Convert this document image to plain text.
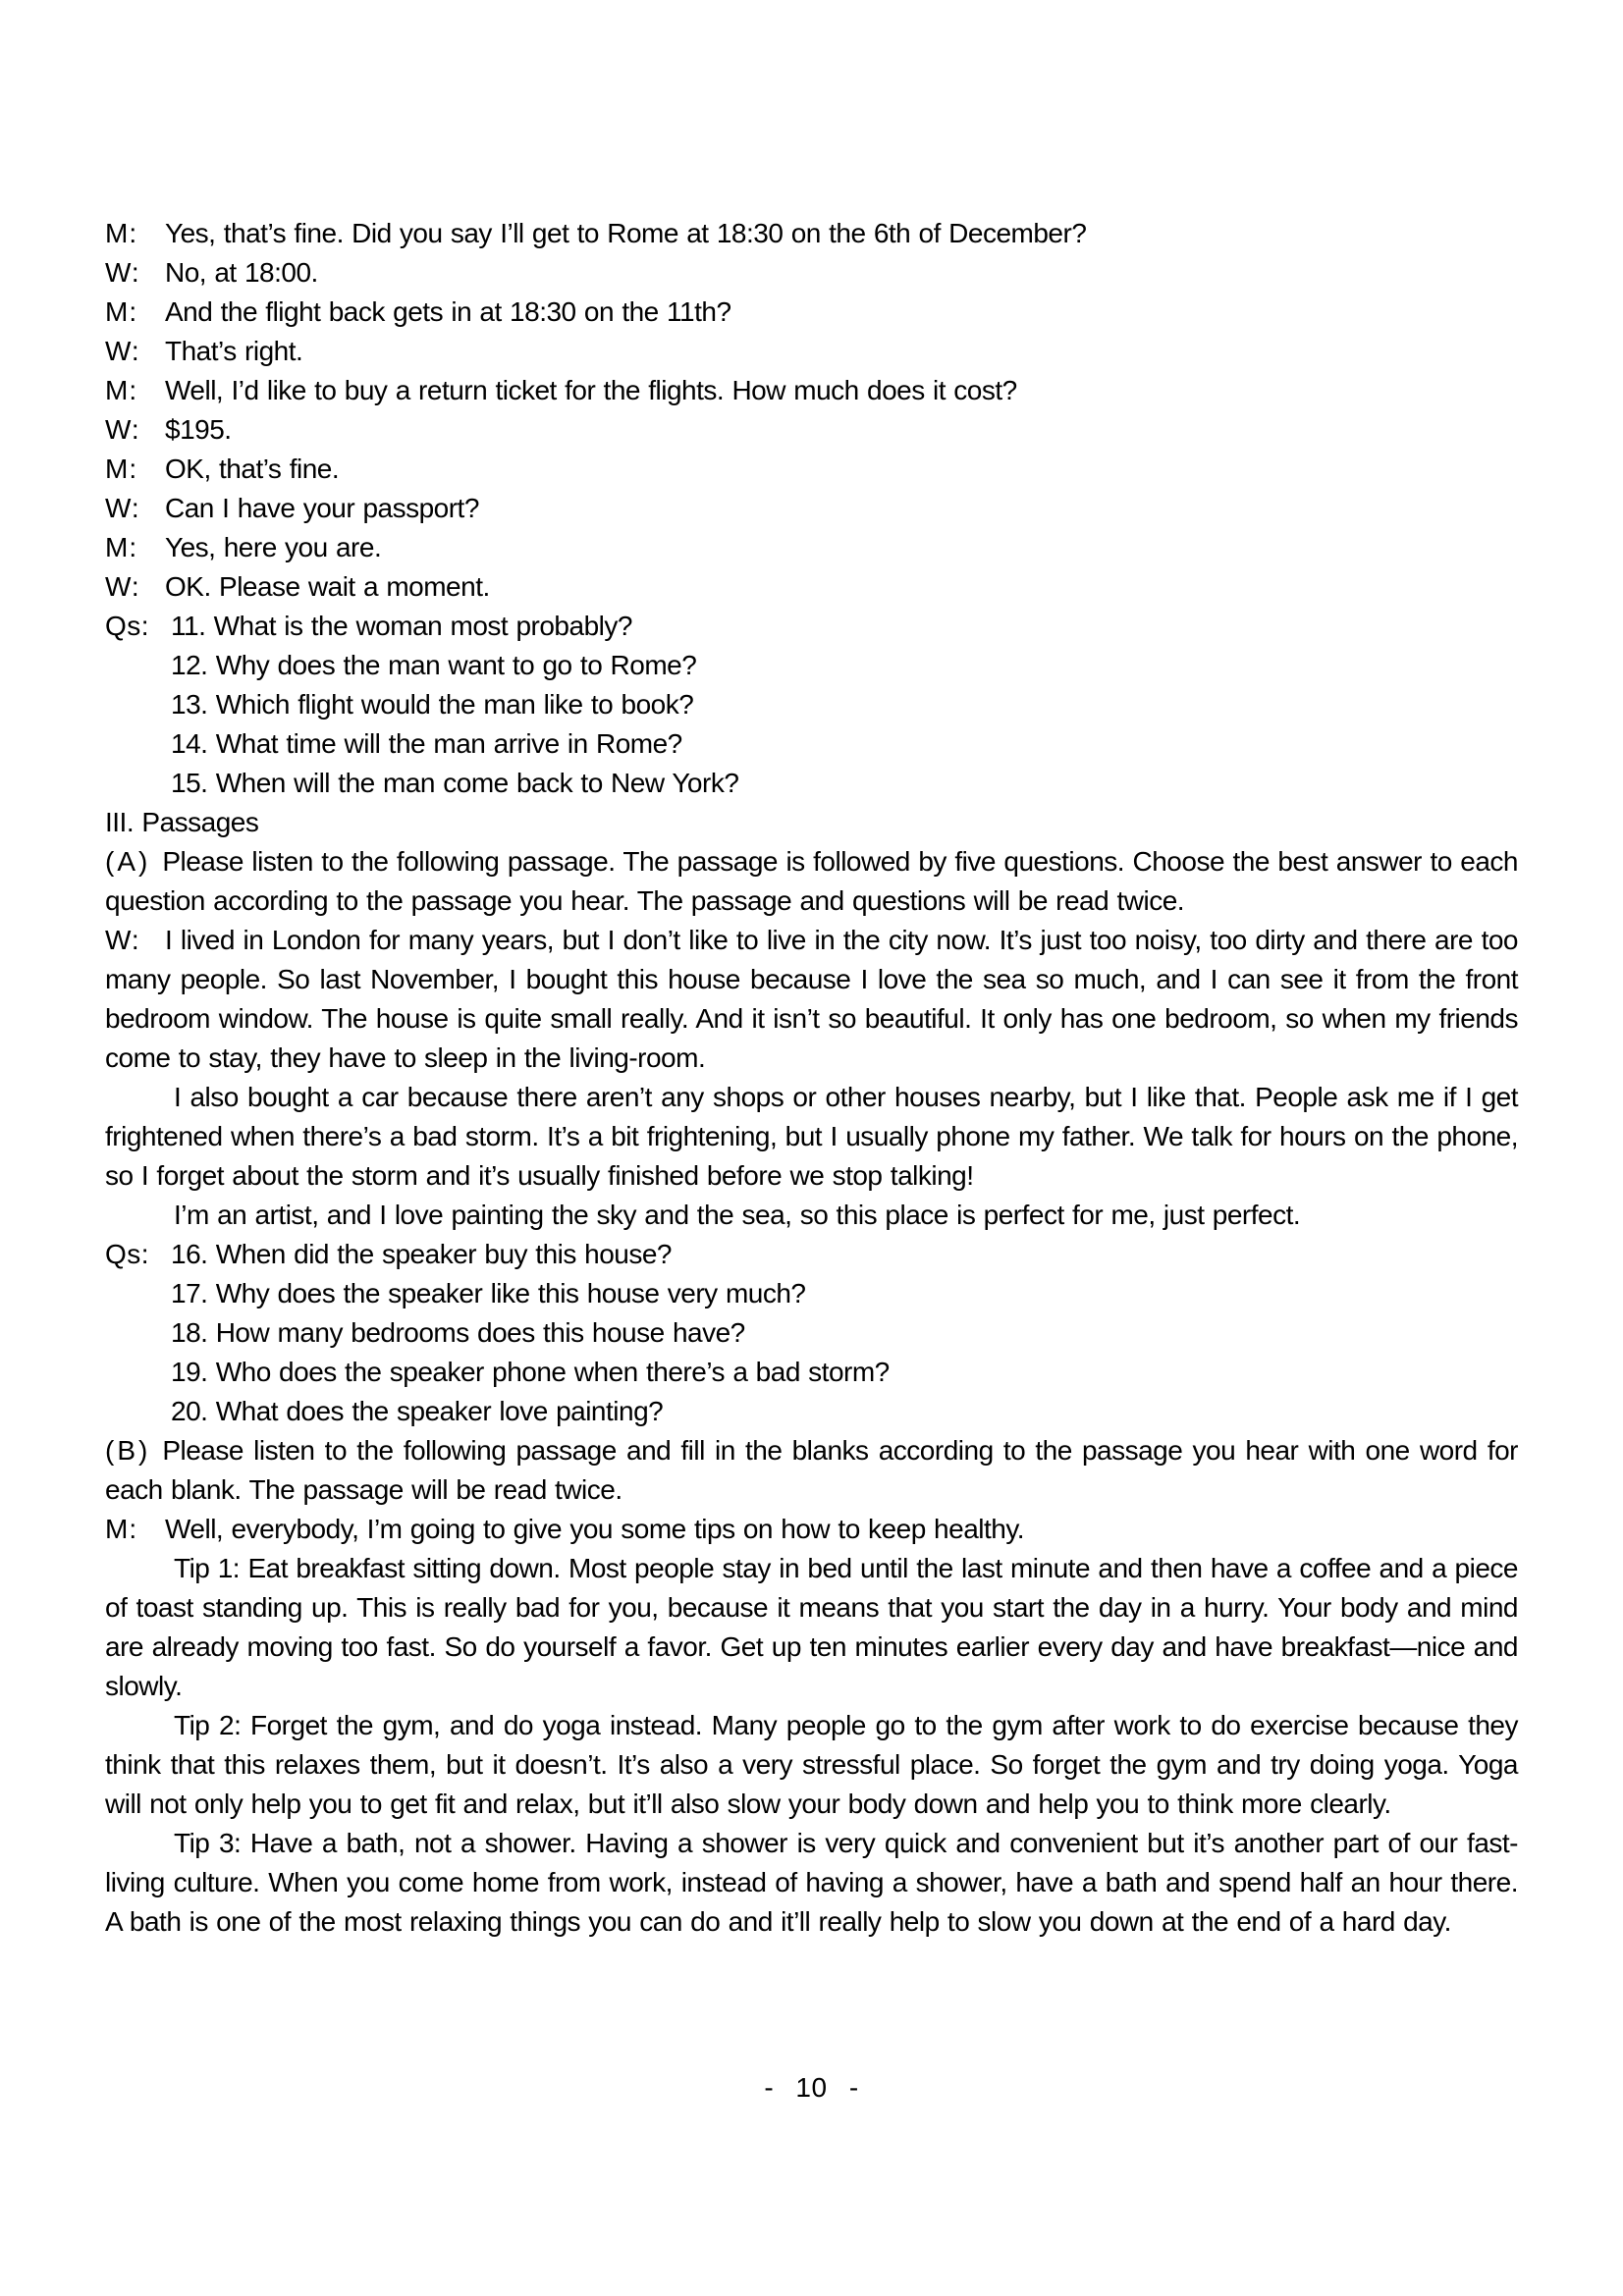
M: Yes, that’s fine. Did you say I’ll get to Rome at 18:30 on the 6th of December?
W: No, at 18:00.
M: And the flight back gets in at 18:30 on the 11th?
W: That’s right.
M: Well, I’d like to buy a return ticket for the flights. How much does it cost?
W: $195.
M: OK, that’s fine.
W: Can I have your passport?
M: Yes, here you are.
W: OK. Please wait a moment.
Qs: 11. What is the woman most probably?
12. Why does the man want to go to Rome?
13. Which flight would the man like to book?
14. What time will the man arrive in Rome?
15. When will the man come back to New York?
III. Passages
(A) Please listen to the following passage. The passage is followed by five questions. Choose the best answer to each question according to the passage you hear. The passage and questions will be read twice.
W: I lived in London for many years, but I don’t like to live in the city now. It’s just too noisy, too dirty and there are too many people. So last November, I bought this house because I love the sea so much, and I can see it from the front bedroom window. The house is quite small really. And it isn’t so beautiful. It only has one bedroom, so when my friends come to stay, they have to sleep in the living-room.
I also bought a car because there aren’t any shops or other houses nearby, but I like that. People ask me if I get frightened when there’s a bad storm. It’s a bit frightening, but I usually phone my father. We talk for hours on the phone, so I forget about the storm and it’s usually finished before we stop talking!
I’m an artist, and I love painting the sky and the sea, so this place is perfect for me, just perfect.
Qs: 16. When did the speaker buy this house?
17. Why does the speaker like this house very much?
18. How many bedrooms does this house have?
19. Who does the speaker phone when there’s a bad storm?
20. What does the speaker love painting?
(B) Please listen to the following passage and fill in the blanks according to the passage you hear with one word for each blank. The passage will be read twice.
M: Well, everybody, I’m going to give you some tips on how to keep healthy.
Tip 1: Eat breakfast sitting down. Most people stay in bed until the last minute and then have a coffee and a piece of toast standing up. This is really bad for you, because it means that you start the day in a hurry. Your body and mind are already moving too fast. So do yourself a favor. Get up ten minutes earlier every day and have breakfast—nice and slowly.
Tip 2: Forget the gym, and do yoga instead. Many people go to the gym after work to do exercise because they think that this relaxes them, but it doesn’t. It’s also a very stressful place. So forget the gym and try doing yoga. Yoga will not only help you to get fit and relax, but it’ll also slow your body down and help you to think more clearly.
Tip 3: Have a bath, not a shower. Having a shower is very quick and convenient but it’s another part of our fast-living culture. When you come home from work, instead of having a shower, have a bath and spend half an hour there. A bath is one of the most relaxing things you can do and it’ll really help to slow you down at the end of a hard day.
- 10 -
